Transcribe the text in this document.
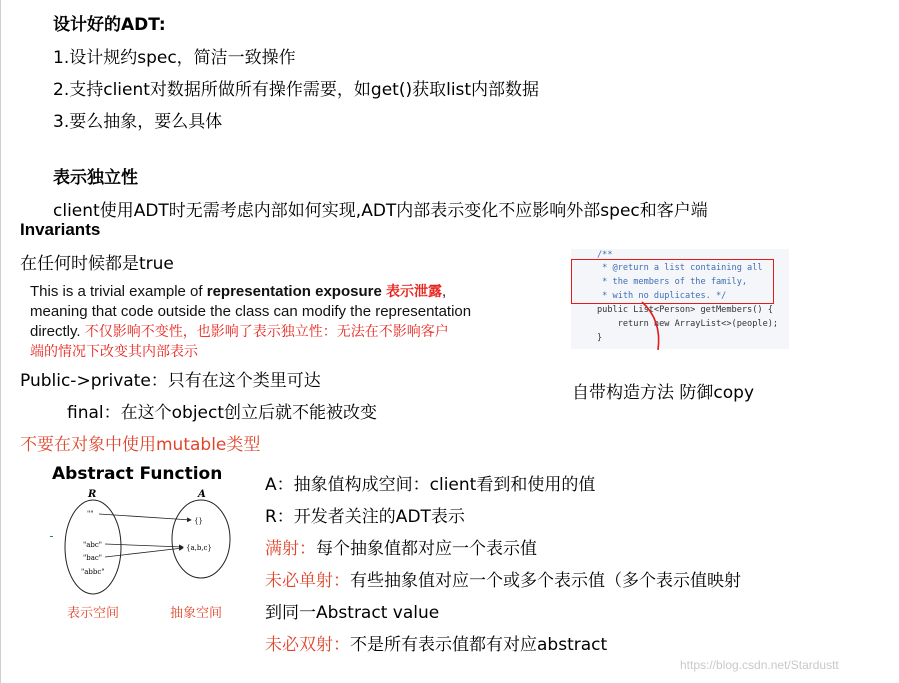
设计好的ADT:
1.设计规约spec，简洁一致操作
2.支持client对数据所做所有操作需要，如get()获取list内部数据
3.要么抽象，要么具体
表示独立性
client使用ADT时无需考虑内部如何实现,ADT内部表示变化不应影响外部spec和客户端
Invariants
在任何时候都是true
This is a trivial example of representation exposure 表示泄露,
meaning that code outside the class can modify the representation
directly. 不仅影响不变性，也影响了表示独立性：无法在不影响客户
端的情况下改变其内部表示
Public->private：只有在这个类里可达
final：在这个object创立后就不能被改变
不要在对象中使用mutable类型
/**
* @return a list containing all
* the members of the family,
* with no duplicates. */
public List<Person> getMembers() {
return new ArrayList<>(people);
}
自带构造方法 防御copy
Abstract Function
R	A
""
"abc"
"bac"
"abbc"
{}
{a,b,c}
表示空间	抽象空间
A：抽象值构成空间：client看到和使用的值
R：开发者关注的ADT表示
满射：每个抽象值都对应一个表示值
未必单射：有些抽象值对应一个或多个表示值（多个表示值映射
到同一Abstract value
未必双射：不是所有表示值都有对应abstract
https://blog.csdn.net/Stardustt
